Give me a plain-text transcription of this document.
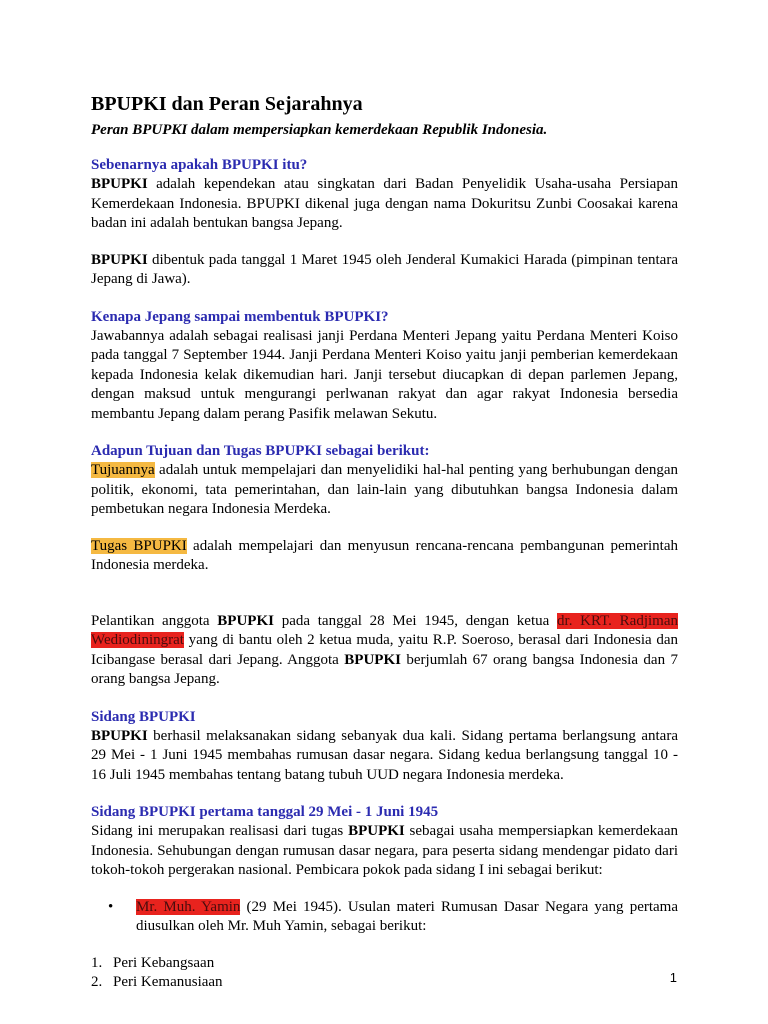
BPUPKI dan Peran Sejarahnya
Peran BPUPKI dalam mempersiapkan kemerdekaan Republik Indonesia.
Sebenarnya apakah BPUPKI itu?

BPUPKI adalah kependekan atau singkatan dari Badan Penyelidik Usaha-usaha Persiapan Kemerdekaan Indonesia. BPUPKI dikenal juga dengan nama Dokuritsu Zunbi Coosakai karena badan ini adalah bentukan bangsa Jepang.

BPUPKI dibentuk pada tanggal 1 Maret 1945 oleh Jenderal Kumakici Harada (pimpinan tentara Jepang di Jawa).

Kenapa Jepang sampai membentuk BPUPKI?

Jawabannya adalah sebagai realisasi janji Perdana Menteri Jepang yaitu Perdana Menteri Koiso pada tanggal 7 September 1944. Janji Perdana Menteri Koiso yaitu janji pemberian kemerdekaan kepada Indonesia kelak dikemudian hari. Janji tersebut diucapkan di depan parlemen Jepang, dengan maksud untuk mengurangi perlwanan rakyat dan agar rakyat Indonesia bersedia membantu Jepang dalam perang Pasifik melawan Sekutu.

Adapun Tujuan dan Tugas BPUPKI sebagai berikut:

Tujuannya adalah untuk mempelajari dan menyelidiki hal-hal penting yang berhubungan dengan politik, ekonomi, tata pemerintahan, dan lain-lain yang dibutuhkan bangsa Indonesia dalam pembetukan negara Indonesia Merdeka.

Tugas BPUPKI adalah mempelajari dan menyusun rencana-rencana pembangunan pemerintah Indonesia merdeka.

Pelantikan anggota BPUPKI pada tanggal 28 Mei 1945, dengan ketua dr. KRT. Radjiman Wediodiningrat yang di bantu oleh 2 ketua muda, yaitu R.P. Soeroso, berasal dari Indonesia dan Icibangase berasal dari Jepang. Anggota BPUPKI berjumlah 67 orang bangsa Indonesia dan 7 orang bangsa Jepang.

Sidang BPUPKI

BPUPKI berhasil melaksanakan sidang sebanyak dua kali. Sidang pertama berlangsung antara 29 Mei - 1 Juni 1945 membahas rumusan dasar negara. Sidang kedua berlangsung tanggal 10 - 16 Juli 1945 membahas tentang batang tubuh UUD negara Indonesia merdeka.

Sidang BPUPKI pertama tanggal 29 Mei - 1 Juni 1945

Sidang ini merupakan realisasi dari tugas BPUPKI sebagai usaha mempersiapkan kemerdekaan Indonesia. Sehubungan dengan rumusan dasar negara, para peserta sidang mendengar pidato dari tokoh-tokoh pergerakan nasional. Pembicara pokok pada sidang I ini sebagai berikut:

• Mr. Muh. Yamin (29 Mei 1945). Usulan materi Rumusan Dasar Negara yang pertama diusulkan oleh Mr. Muh Yamin, sebagai berikut:
1. Peri Kebangsaan
2. Peri Kemanusiaan	1
